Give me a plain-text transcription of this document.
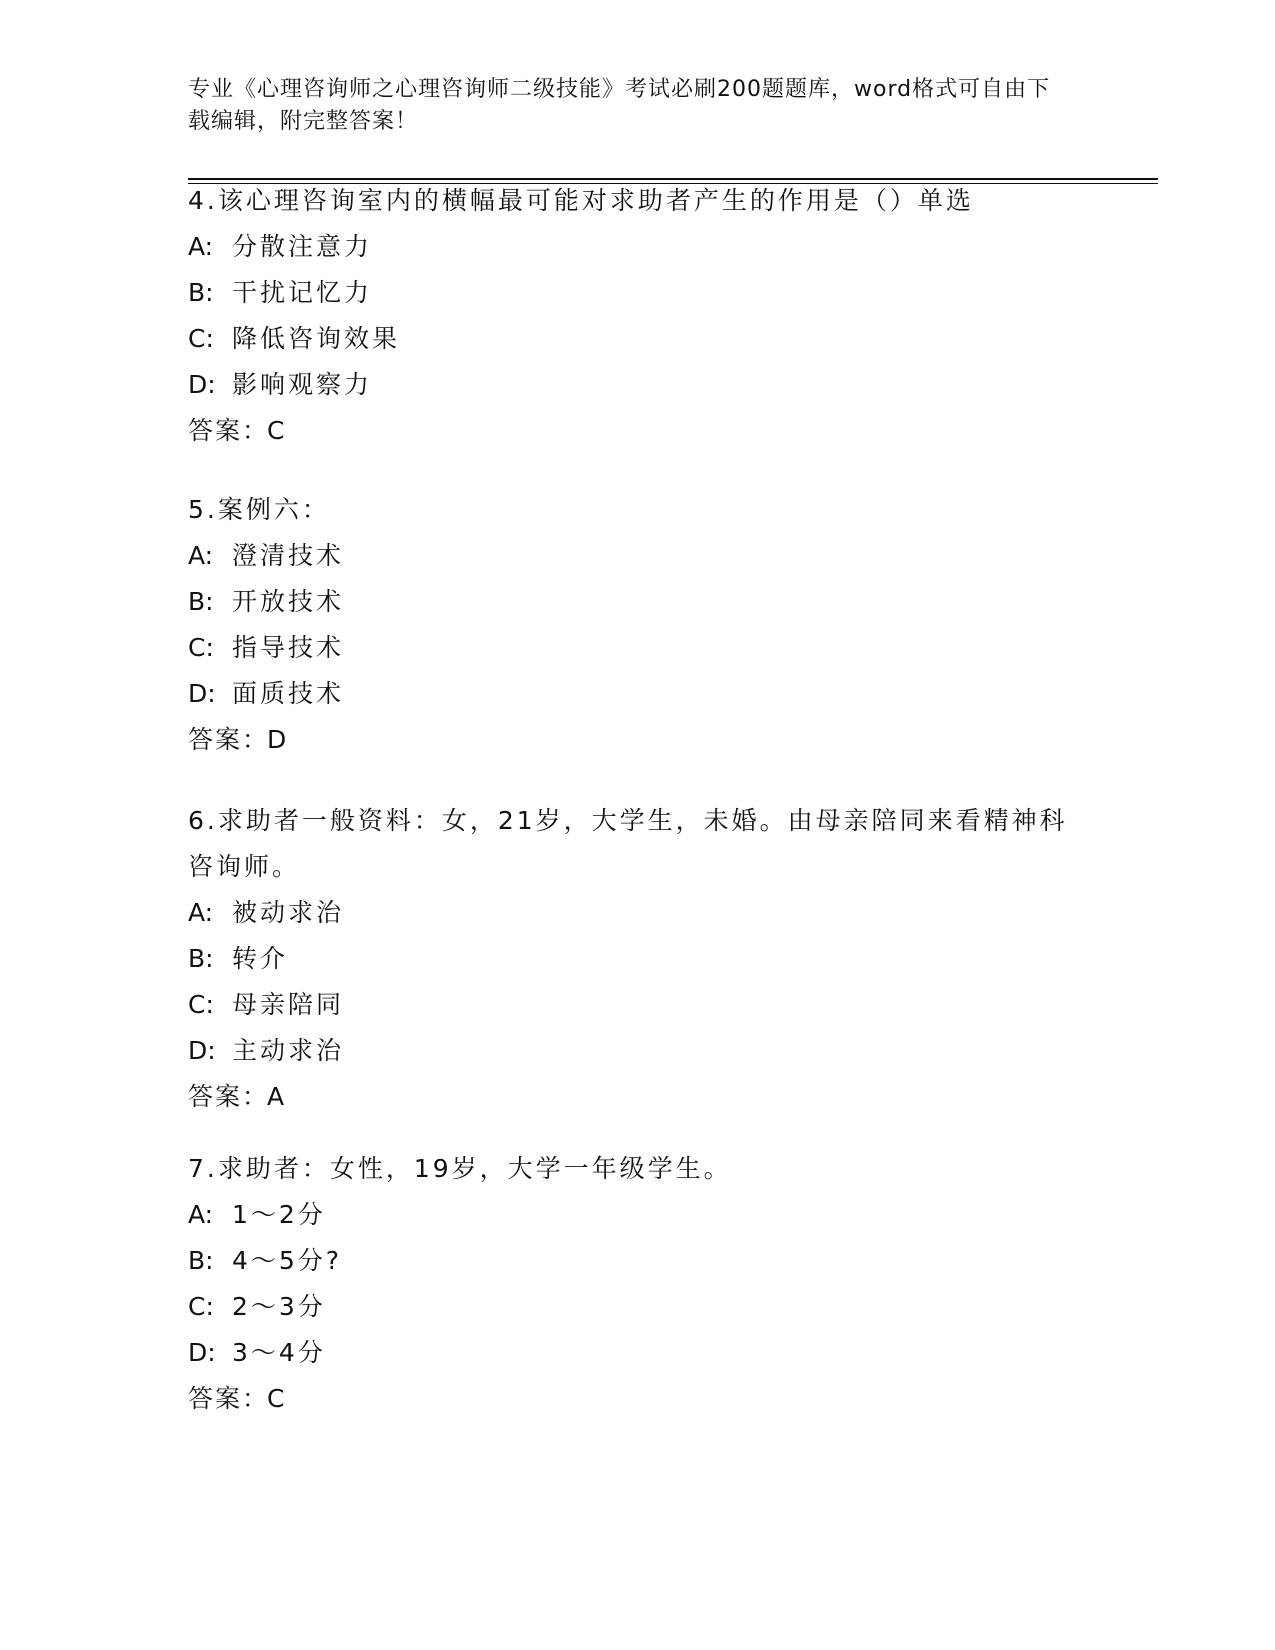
专业《心理咨询师之心理咨询师二级技能》考试必刷200题题库，word格式可自由下载编辑，附完整答案！

4.该心理咨询室内的横幅最可能对求助者产生的作用是（）单选

A: 分散注意力

B: 干扰记忆力

C: 降低咨询效果

D: 影响观察力

答案：C

5.案例六：

A: 澄清技术

B: 开放技术

C: 指导技术

D: 面质技术

答案：D

6.求助者一般资料：女，21岁，大学生，未婚。由母亲陪同来看精神科咨询师。

A: 被动求治

B: 转介

C: 母亲陪同

D: 主动求治

答案：A

7.求助者：女性，19岁，大学一年级学生。

A: 1～2分

B: 4～5分?

C: 2～3分

D: 3～4分

答案：C
